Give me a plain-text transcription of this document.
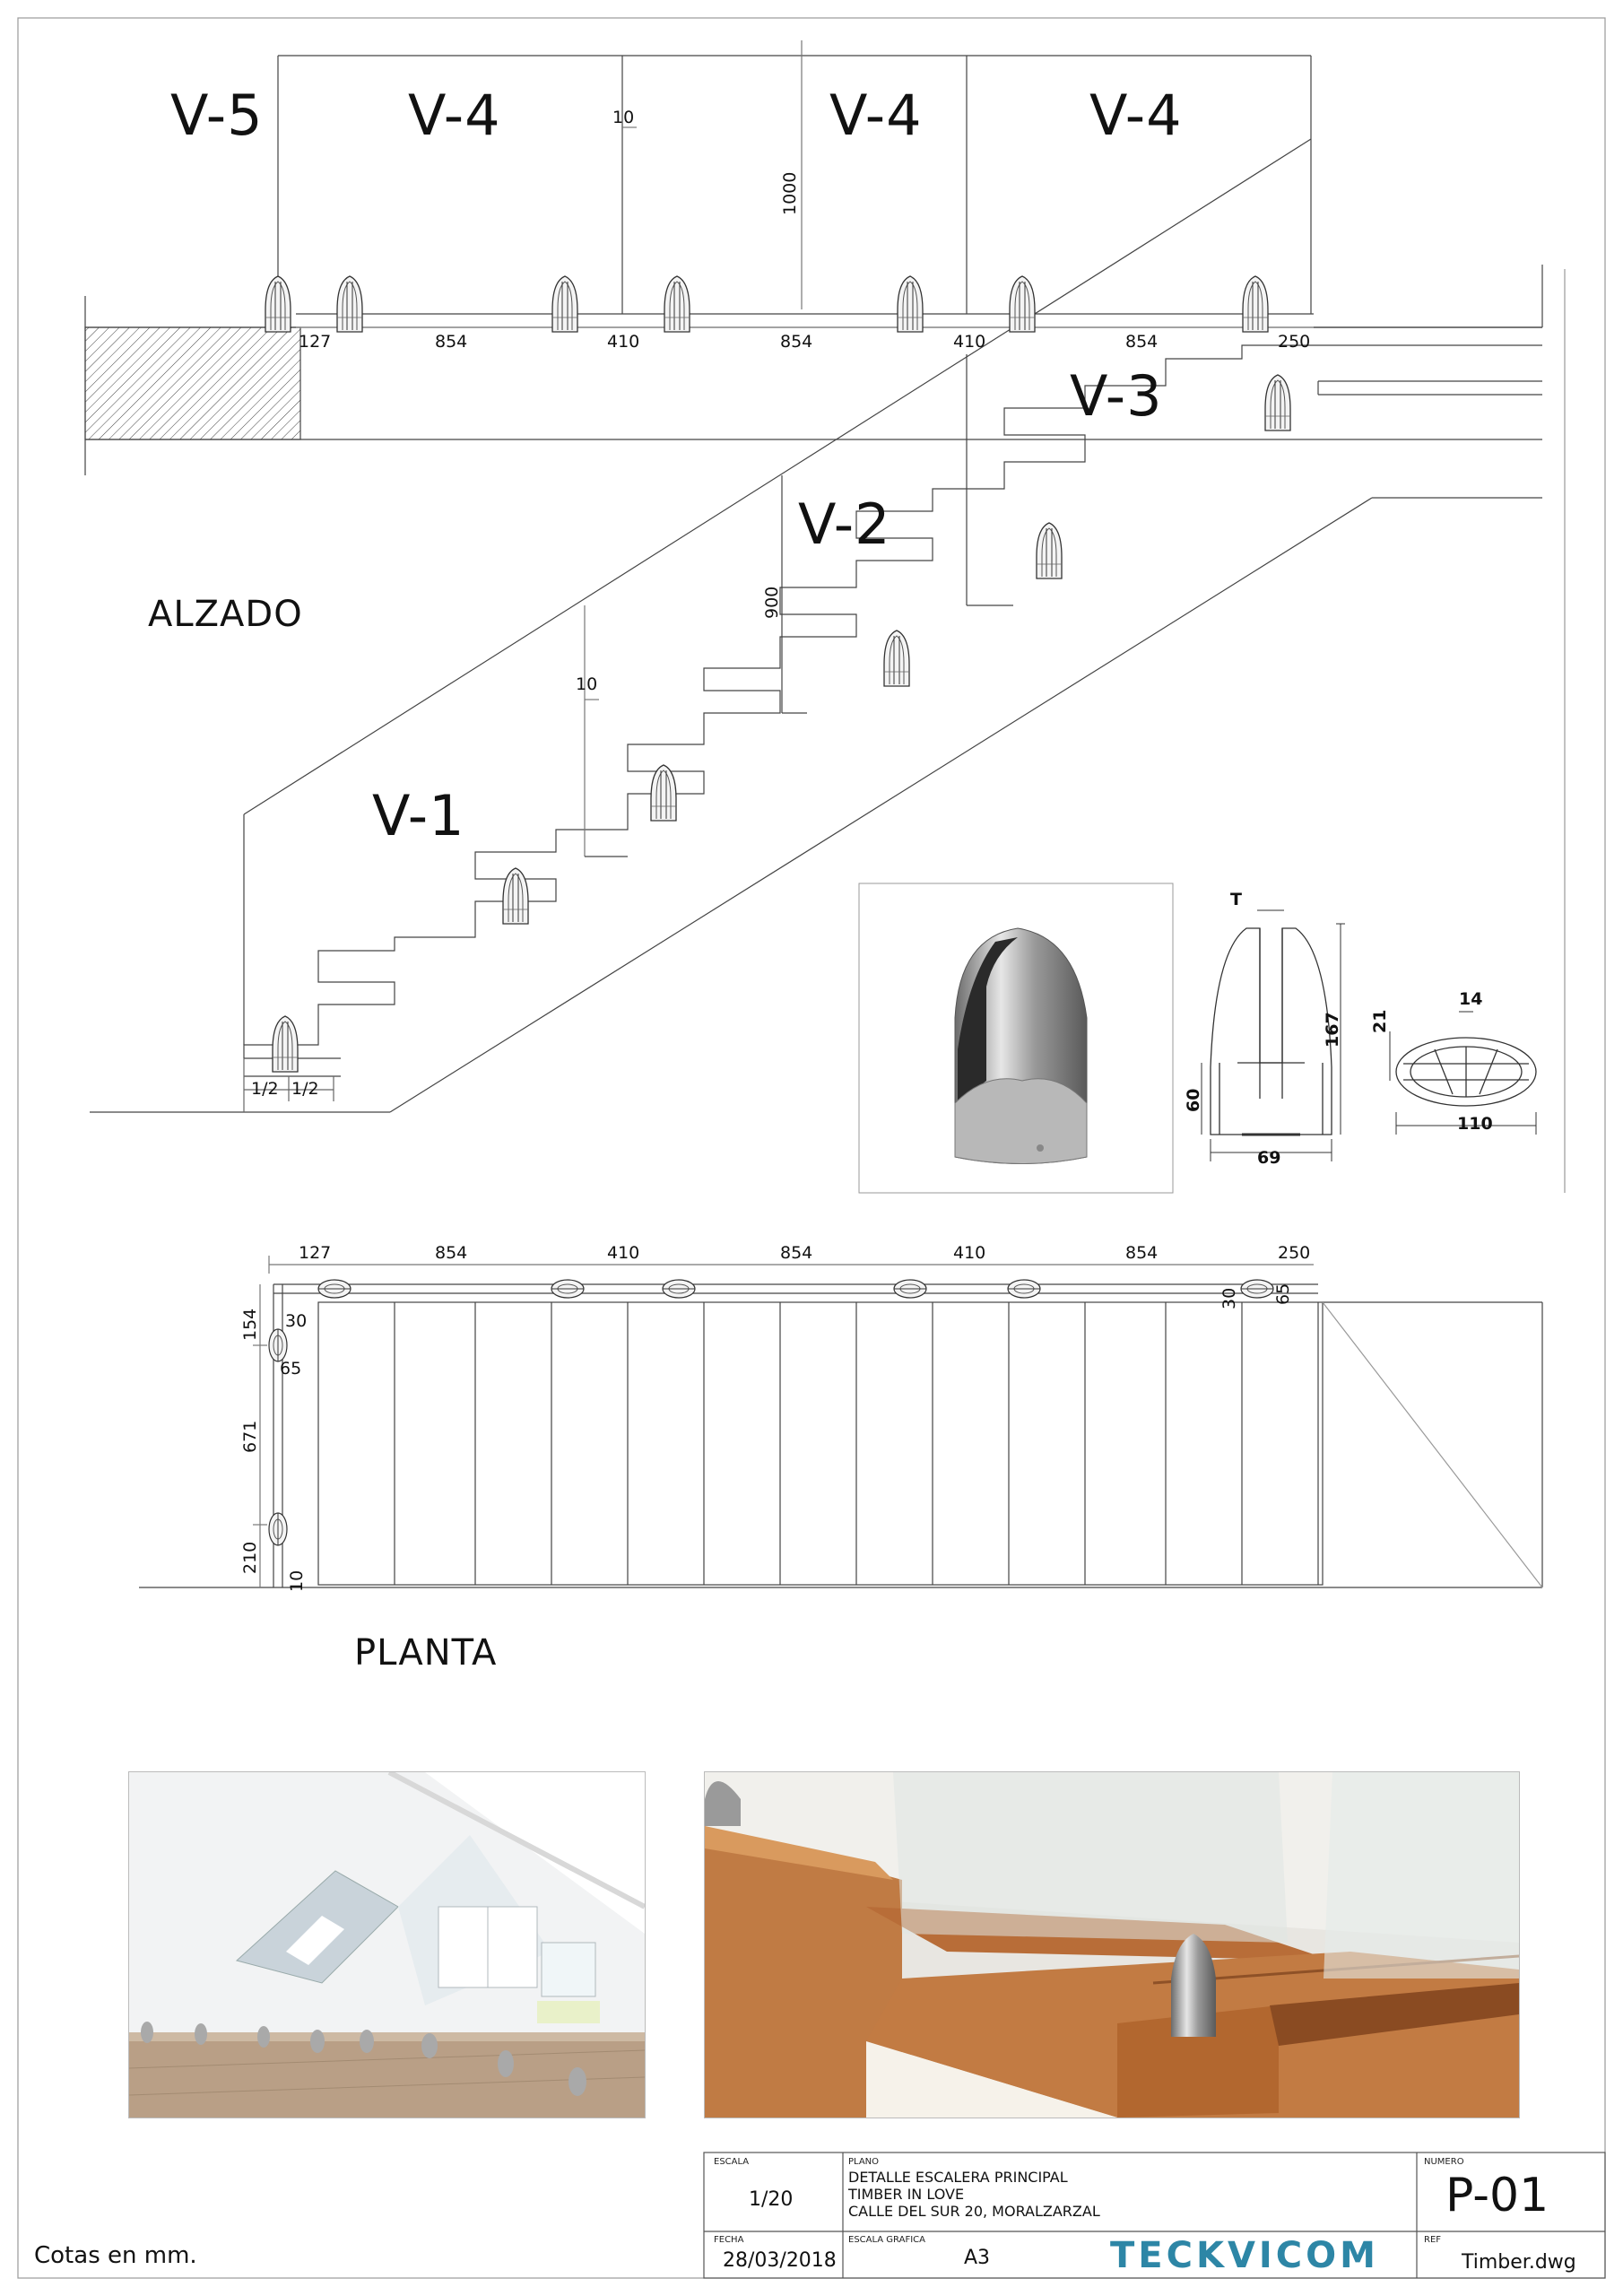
V-5	V-4	V-4	V-4
V-3
V-2
V-1
ALZADO
127	854	410	854	410	854	250
10
10
1000
900
1/2 1/2
T
167
60
69
14
21
110
127	854	410	854	410	854	250
154 30
65
671
210
10
30 65
PLANTA
ESCALA
1/20
PLANO
DETALLE ESCALERA PRINCIPAL
TIMBER IN LOVE
CALLE DEL SUR 20, MORALZARZAL
NUMERO
P-01
FECHA
28/03/2018
ESCALA GRAFICA
A3	TECKVICOM	REF
Timber.dwg
Cotas en mm.
